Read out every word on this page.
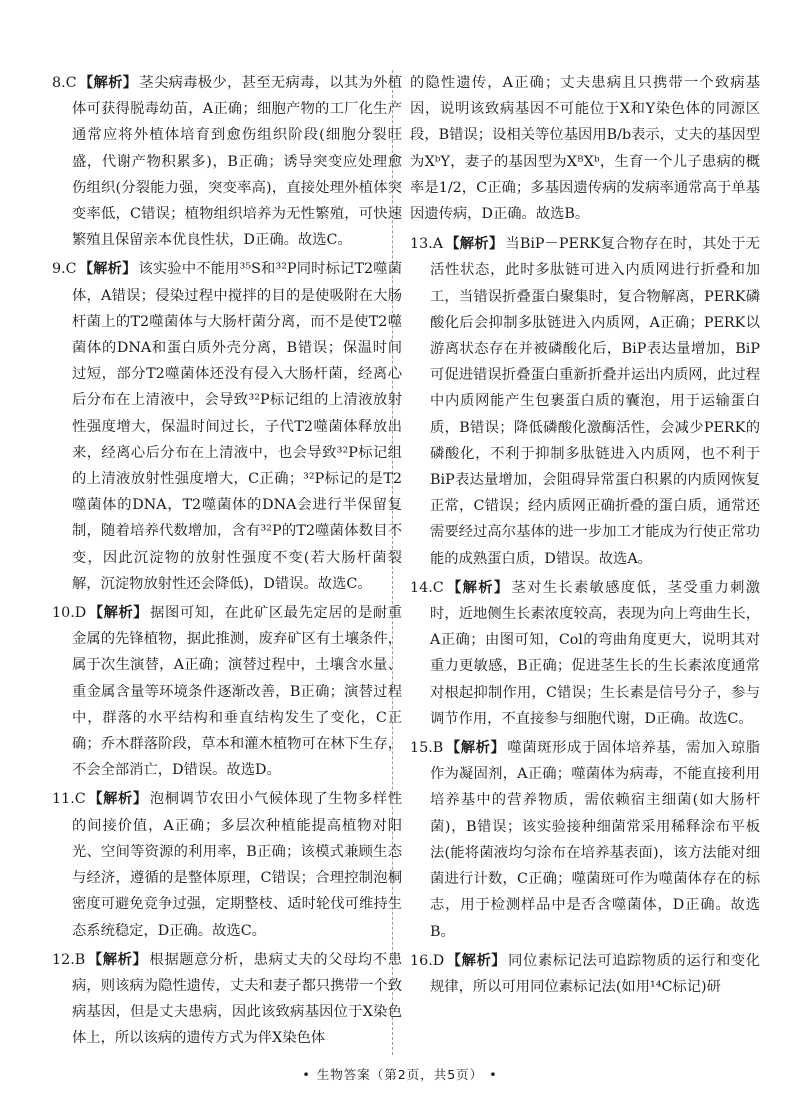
8.C 【解析】 茎尖病毒极少，甚至无病毒，以其为外植体可获得脱毒幼苗，A正确；细胞产物的工厂化生产通常应将外植体培育到愈伤组织阶段(细胞分裂旺盛，代谢产物积累多)，B正确；诱导突变应处理愈伤组织(分裂能力强，突变率高)，直接处理外植体突变率低，C错误；植物组织培养为无性繁殖，可快速繁殖且保留亲本优良性状，D正确。故选C。
9.C 【解析】 该实验中不能用³⁵S和³²P同时标记T2噬菌体，A错误；侵染过程中搅拌的目的是使吸附在大肠杆菌上的T2噬菌体与大肠杆菌分离，而不是使T2噬菌体的DNA和蛋白质外壳分离，B错误；保温时间过短，部分T2噬菌体还没有侵入大肠杆菌，经离心后分布在上清液中，会导致³²P标记组的上清液放射性强度增大，保温时间过长，子代T2噬菌体释放出来，经离心后分布在上清液中，也会导致³²P标记组的上清液放射性强度增大，C正确；³²P标记的是T2噬菌体的DNA，T2噬菌体的DNA会进行半保留复制，随着培养代数增加，含有³²P的T2噬菌体数目不变，因此沉淀物的放射性强度不变(若大肠杆菌裂解，沉淀物放射性还会降低)，D错误。故选C。
10.D 【解析】 据图可知，在此矿区最先定居的是耐重金属的先锋植物，据此推测，废弃矿区有土壤条件，属于次生演替，A正确；演替过程中，土壤含水量、重金属含量等环境条件逐渐改善，B正确；演替过程中，群落的水平结构和垂直结构发生了变化，C正确；乔木群落阶段，草本和灌木植物可在林下生存，不会全部消亡，D错误。故选D。
11.C 【解析】 泡桐调节农田小气候体现了生物多样性的间接价值，A正确；多层次种植能提高植物对阳光、空间等资源的利用率，B正确；该模式兼顾生态与经济，遵循的是整体原理，C错误；合理控制泡桐密度可避免竞争过强，定期整枝、适时轮伐可维持生态系统稳定，D正确。故选C。
12.B 【解析】 根据题意分析，患病丈夫的父母均不患病，则该病为隐性遗传，丈夫和妻子都只携带一个致病基因，但是丈夫患病，因此该致病基因位于X染色体上，所以该病的遗传方式为伴X染色体
的隐性遗传，A正确；丈夫患病且只携带一个致病基因，说明该致病基因不可能位于X和Y染色体的同源区段，B错误；设相关等位基因用B/b表示，丈夫的基因型为XᵇY，妻子的基因型为XᴮXᵇ，生育一个儿子患病的概率是1/2，C正确；多基因遗传病的发病率通常高于单基因遗传病，D正确。故选B。
13.A 【解析】 当BiP－PERK复合物存在时，其处于无活性状态，此时多肽链可进入内质网进行折叠和加工，当错误折叠蛋白聚集时，复合物解离，PERK磷酸化后会抑制多肽链进入内质网，A正确；PERK以游离状态存在并被磷酸化后，BiP表达量增加，BiP可促进错误折叠蛋白重新折叠并运出内质网，此过程中内质网能产生包裹蛋白质的囊泡，用于运输蛋白质，B错误；降低磷酸化激酶活性，会减少PERK的磷酸化，不利于抑制多肽链进入内质网，也不利于BiP表达量增加，会阻碍异常蛋白积累的内质网恢复正常，C错误；经内质网正确折叠的蛋白质，通常还需要经过高尔基体的进一步加工才能成为行使正常功能的成熟蛋白质，D错误。故选A。
14.C 【解析】 茎对生长素敏感度低，茎受重力刺激时，近地侧生长素浓度较高，表现为向上弯曲生长，A正确；由图可知，Col的弯曲角度更大，说明其对重力更敏感，B正确；促进茎生长的生长素浓度通常对根起抑制作用，C错误；生长素是信号分子，参与调节作用，不直接参与细胞代谢，D正确。故选C。
15.B 【解析】 噬菌斑形成于固体培养基，需加入琼脂作为凝固剂，A正确；噬菌体为病毒，不能直接利用培养基中的营养物质，需依赖宿主细菌(如大肠杆菌)，B错误；该实验接种细菌常采用稀释涂布平板法(能将菌液均匀涂布在培养基表面)，该方法能对细菌进行计数，C正确；噬菌斑可作为噬菌体存在的标志，用于检测样品中是否含噬菌体，D正确。故选B。
16.D 【解析】 同位素标记法可追踪物质的运行和变化规律，所以可用同位素标记法(如用¹⁴C标记)研
• 生物答案（第2页，共5页） •
